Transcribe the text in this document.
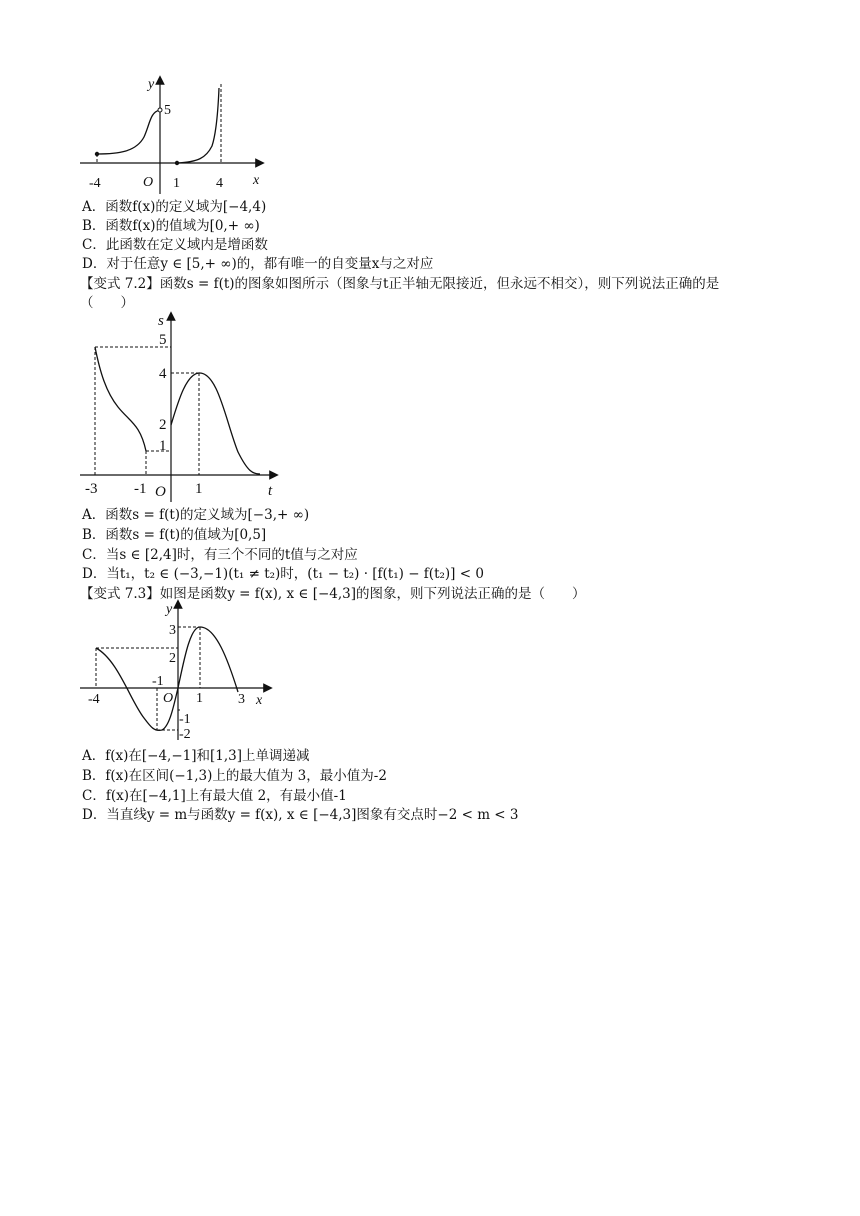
y
x
O
5
-4	1	4
A．函数f(x)的定义域为[−4,4)
B．函数f(x)的值域为[0,+ ∞)
C．此函数在定义域内是增函数
D．对于任意y ∈ [5,+ ∞)的，都有唯一的自变量x与之对应
【变式 7.2】函数s = f(t)的图象如图所示（图象与t正半轴无限接近，但永远不相交），则下列说法正确的是
（　　）
s
t
O
5
4
2
1
-3 -1	1
A．函数s = f(t)的定义域为[−3,+ ∞)
B．函数s = f(t)的值域为[0,5]
C．当s ∈ [2,4]时，有三个不同的t值与之对应
D．当t₁，t₂ ∈ (−3,−1)(t₁ ≠ t₂)时，(t₁ − t₂) · [f(t₁) − f(t₂)] < 0
【变式 7.3】如图是函数y = f(x), x ∈ [−4,3]的图象，则下列说法正确的是（　　）
y
x
O
3
2
-1
-2
-4
-1
1	3
A．f(x)在[−4,−1]和[1,3]上单调递减
B．f(x)在区间(−1,3)上的最大值为 3，最小值为-2
C．f(x)在[−4,1]上有最大值 2，有最小值-1
D．当直线y = m与函数y = f(x), x ∈ [−4,3]图象有交点时−2 < m < 3
